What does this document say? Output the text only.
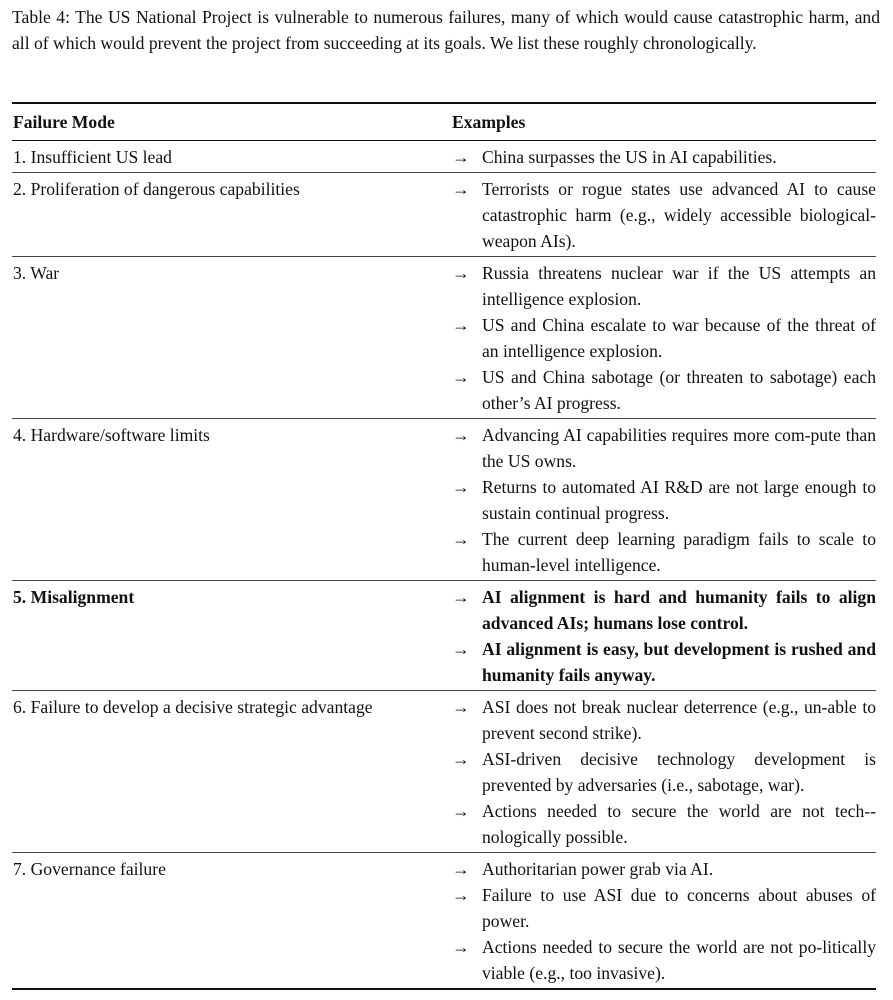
Table 4: The US National Project is vulnerable to numerous failures, many of which would cause catastrophic harm, and all of which would prevent the project from succeeding at its goals. We list these roughly chronologically.
Failure Mode	Examples
1. Insufficient US lead	→ China surpasses the US in AI capabilities.
2. Proliferation of dangerous capabilities	→ Terrorists or rogue states use advanced AI to cause catastrophic harm (e.g., widely accessible biological-weapon AIs).
3. War	→ Russia threatens nuclear war if the US attempts an intelligence explosion.
→ US and China escalate to war because of the threat of an intelligence explosion.
→ US and China sabotage (or threaten to sabotage) each other’s AI progress.
4. Hardware/software limits	→ Advancing AI capabilities requires more com-pute than the US owns.
→ Returns to automated AI R&D are not large enough to sustain continual progress.
→ The current deep learning paradigm fails to scale to human-level intelligence.
5. Misalignment	→ AI alignment is hard and humanity fails to align advanced AIs; humans lose control.
→ AI alignment is easy, but development is rushed and humanity fails anyway.
6. Failure to develop a decisive strategic advantage	→ ASI does not break nuclear deterrence (e.g., un-able to prevent second strike).
→ ASI-driven decisive technology development is prevented by adversaries (i.e., sabotage, war).
→ Actions needed to secure the world are not tech-nologically possible.
7. Governance failure	→ Authoritarian power grab via AI.
→ Failure to use ASI due to concerns about abuses of power.
→ Actions needed to secure the world are not po-litically viable (e.g., too invasive).
